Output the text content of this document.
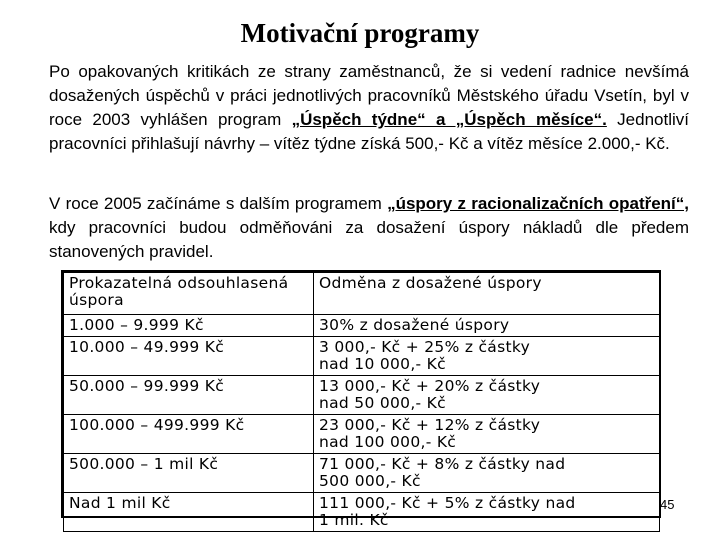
Motivační programy
Po opakovaných kritikách ze strany zaměstnanců, že si vedení radnice nevšímá dosažených úspěchů v práci jednotlivých pracovníků Městského úřadu Vsetín, byl v roce 2003 vyhlášen program „Úspěch týdne“ a „Úspěch měsíce“. Jednotliví pracovníci přihlašují návrhy – vítěz týdne získá 500,- Kč a vítěz měsíce 2.000,- Kč.
V roce 2005 začínáme s dalším programem „úspory z racionalizačních opatření“, kdy pracovníci budou odměňováni za dosažení úspory nákladů dle předem stanovených pravidel.
Prokazatelná odsouhlasená úspora	Odměna z dosažené úspory
1.000 – 9.999 Kč	30% z dosažené úspory

10.000 – 49.999 Kč	3 000,- Kč + 25% z částky
nad 10 000,- Kč

50.000 – 99.999 Kč	13 000,- Kč + 20% z částky
nad 50 000,- Kč

100.000 – 499.999 Kč	23 000,- Kč + 12% z částky
nad 100 000,- Kč

500.000 – 1 mil Kč	71 000,- Kč + 8% z částky nad
500 000,- Kč

Nad 1 mil Kč	111 000,- Kč + 5% z částky nad
1 mil. Kč
45
